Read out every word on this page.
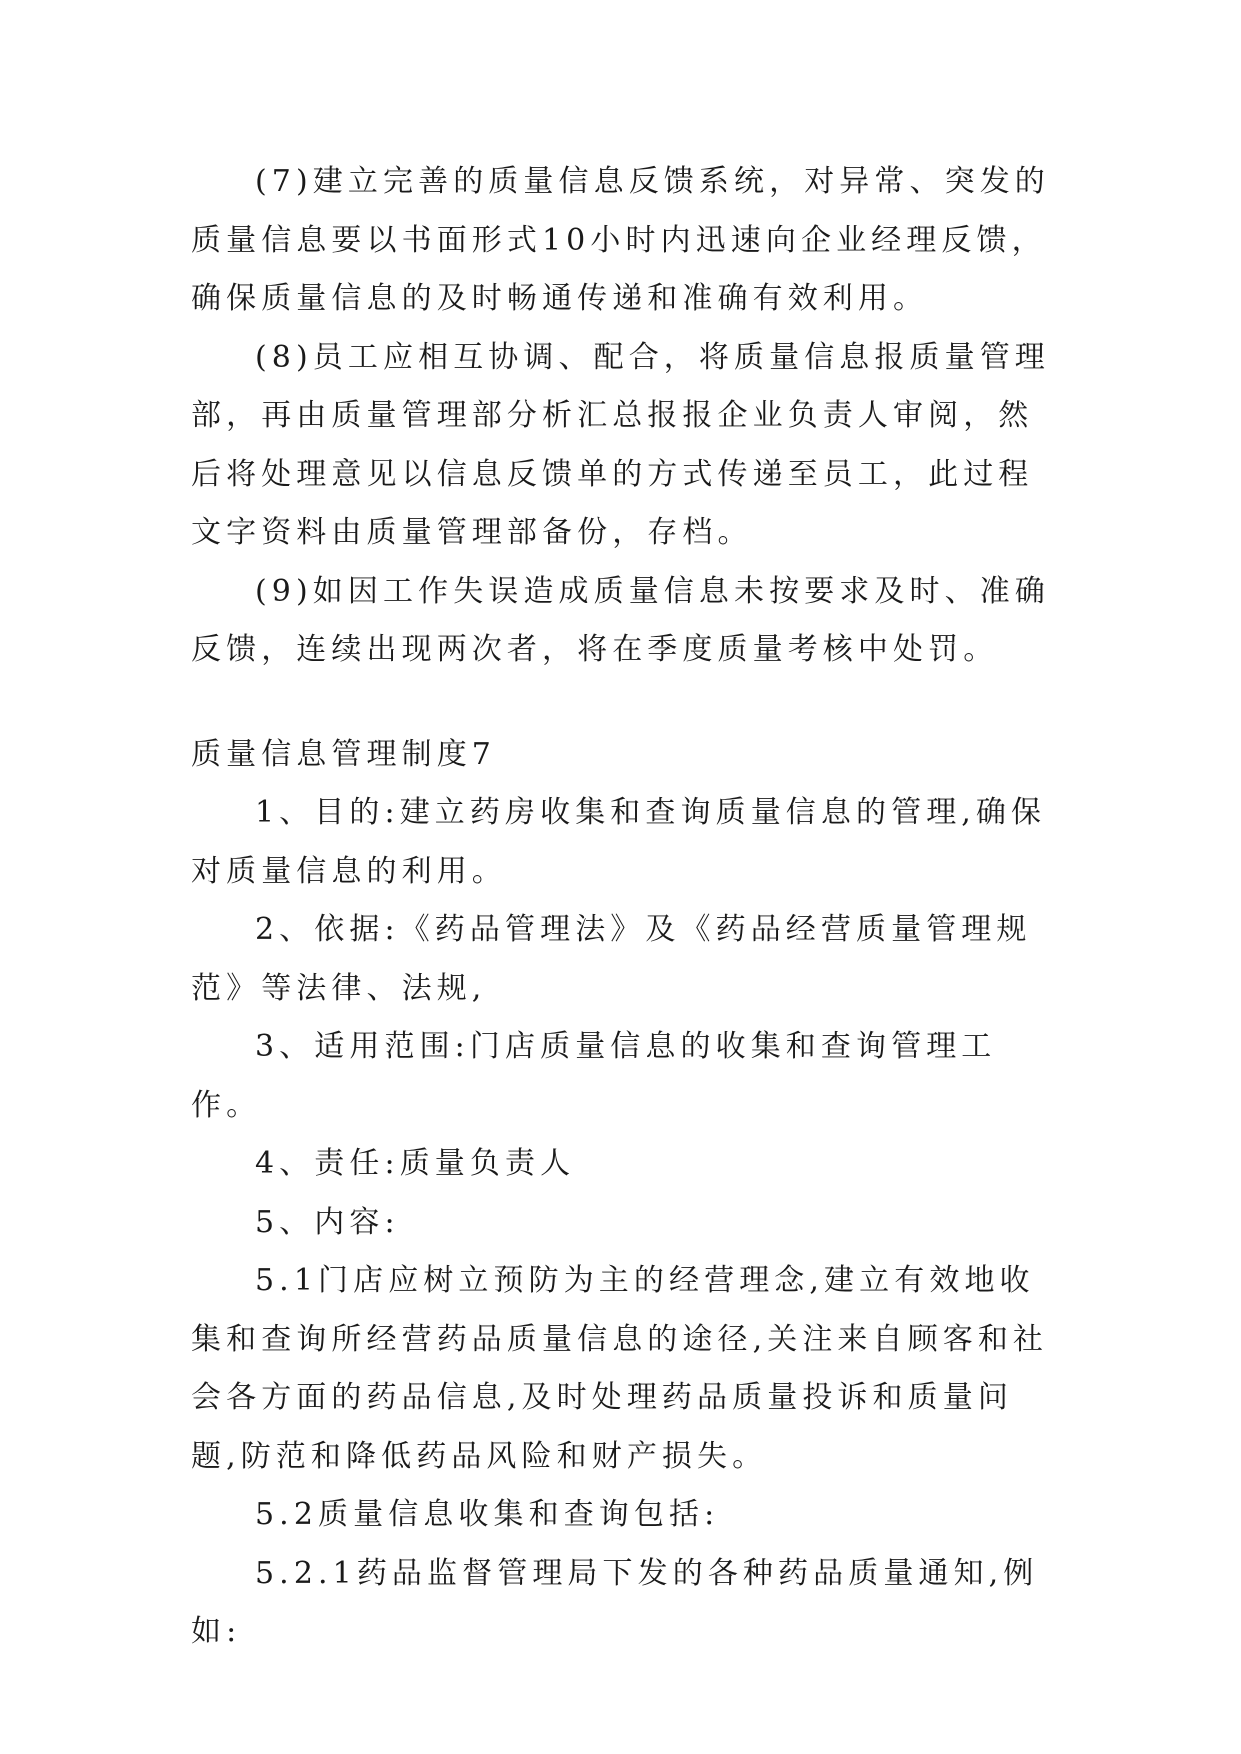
(7)建立完善的质量信息反馈系统，对异常、突发的质量信息要以书面形式10小时内迅速向企业经理反馈，确保质量信息的及时畅通传递和准确有效利用。

(8)员工应相互协调、配合，将质量信息报质量管理部，再由质量管理部分析汇总报报企业负责人审阅，然后将处理意见以信息反馈单的方式传递至员工，此过程文字资料由质量管理部备份，存档。

(9)如因工作失误造成质量信息未按要求及时、准确反馈，连续出现两次者，将在季度质量考核中处罚。

质量信息管理制度7

1、目的:建立药房收集和查询质量信息的管理,确保对质量信息的利用。

2、依据:《药品管理法》及《药品经营质量管理规范》等法律、法规,

3、适用范围:门店质量信息的收集和查询管理工作。

4、责任:质量负责人

5、内容:

5.1门店应树立预防为主的经营理念,建立有效地收集和查询所经营药品质量信息的途径,关注来自顾客和社会各方面的药品信息,及时处理药品质量投诉和质量问题,防范和降低药品风险和财产损失。

5.2质量信息收集和查询包括:

5.2.1药品监督管理局下发的各种药品质量通知,例如:
